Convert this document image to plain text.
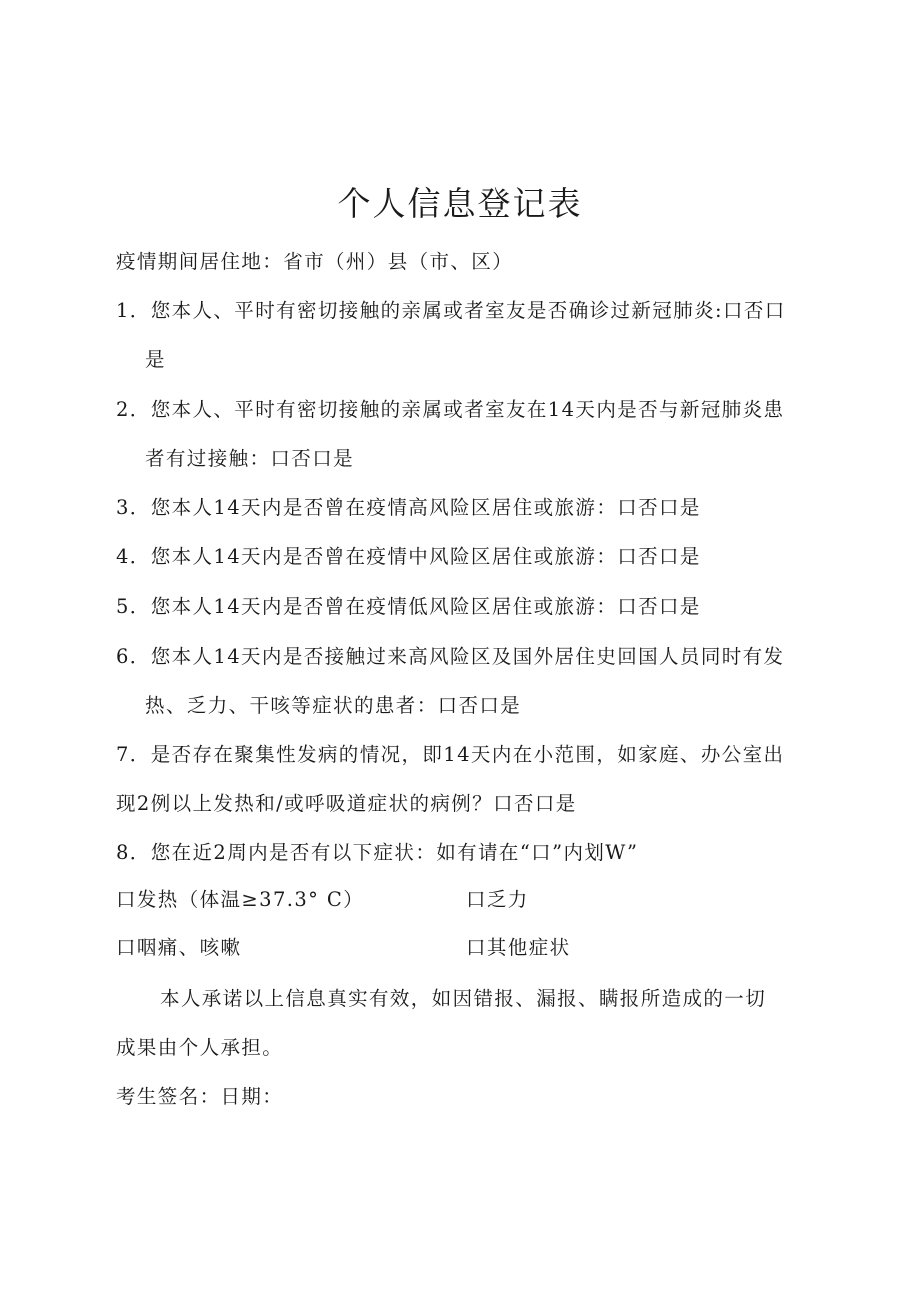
个人信息登记表
疫情期间居住地：省市（州）县（市、区）
1．您本人、平时有密切接触的亲属或者室友是否确诊过新冠肺炎:口否口
是
2．您本人、平时有密切接触的亲属或者室友在14天内是否与新冠肺炎患
者有过接触：口否口是
3．您本人14天内是否曾在疫情高风险区居住或旅游：口否口是
4．您本人14天内是否曾在疫情中风险区居住或旅游：口否口是
5．您本人14天内是否曾在疫情低风险区居住或旅游：口否口是
6．您本人14天内是否接触过来高风险区及国外居住史回国人员同时有发
热、乏力、干咳等症状的患者：口否口是
7．是否存在聚集性发病的情况，即14天内在小范围，如家庭、办公室出
现2例以上发热和/或呼吸道症状的病例？口否口是
8．您在近2周内是否有以下症状：如有请在“口”内划W”
口发热（体温≥37.3° C）	口乏力
口咽痛、咳嗽	口其他症状
本人承诺以上信息真实有效，如因错报、漏报、瞒报所造成的一切
成果由个人承担。
考生签名：日期：
